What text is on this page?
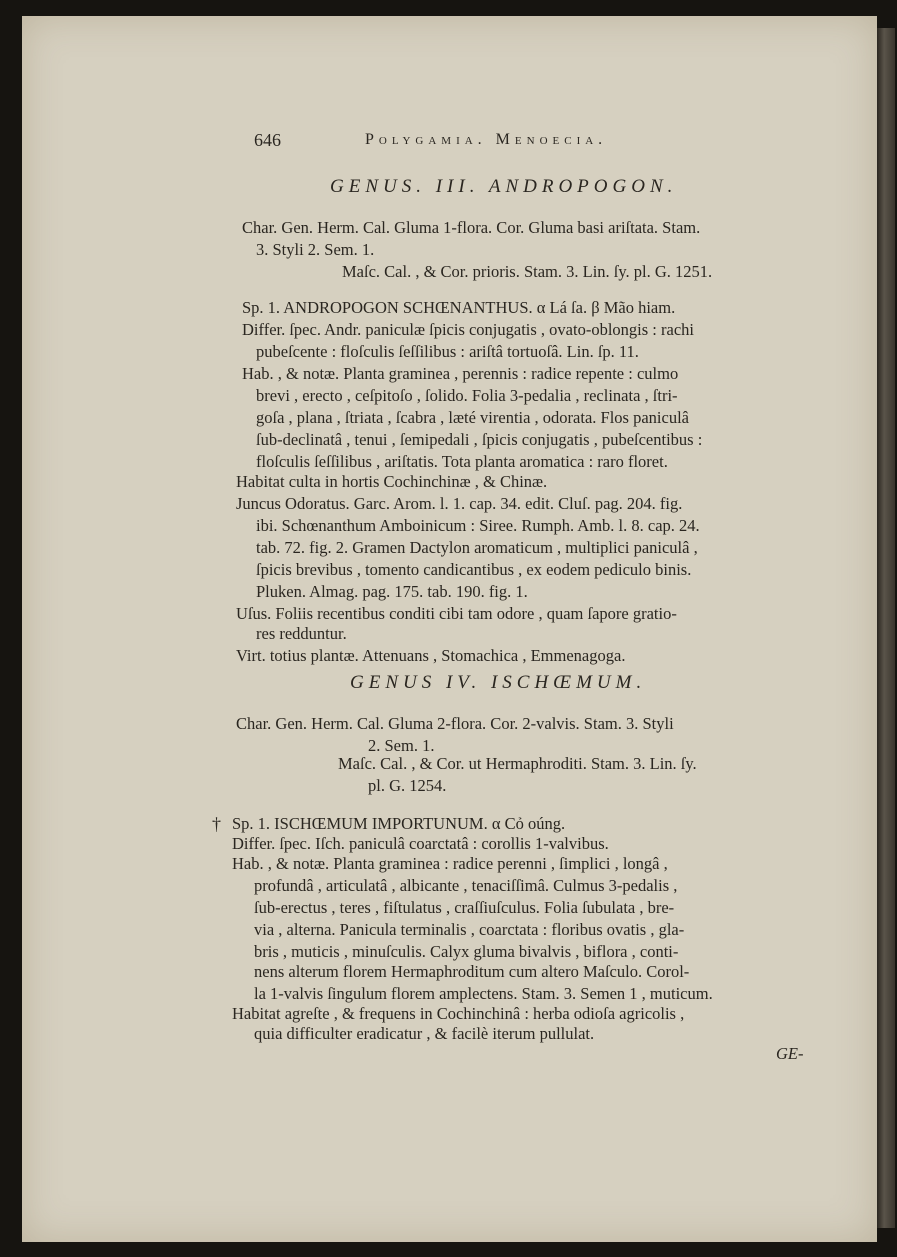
646	Polygamia. Menoecia.
GENUS. III. ANDROPOGON.
Char. Gen. Herm. Cal. Gluma 1-flora. Cor. Gluma basi ariſtata. Stam.
3. Styli 2. Sem. 1.
Maſc. Cal. , & Cor. prioris. Stam. 3. Lin. ſy. pl. G. 1251.
Sp. 1. ANDROPOGON SCHŒNANTHUS. α Lá ſa. β Mão hiam.
Differ. ſpec. Andr. paniculæ ſpicis conjugatis , ovato-oblongis : rachi
pubeſcente : floſculis ſeſſilibus : ariſtâ tortuoſâ. Lin. ſp. 11.
Hab. , & notæ. Planta graminea , perennis : radice repente : culmo
brevi , erecto , ceſpitoſo , ſolido. Folia 3-pedalia , reclinata , ſtri-
goſa , plana , ſtriata , ſcabra , læté virentia , odorata. Flos paniculâ
ſub-declinatâ , tenui , ſemipedali , ſpicis conjugatis , pubeſcentibus :
floſculis ſeſſilibus , ariſtatis. Tota planta aromatica : raro floret.
Habitat culta in hortis Cochinchinæ , & Chinæ.
Juncus Odoratus. Garc. Arom. l. 1. cap. 34. edit. Cluſ. pag. 204. fig.
ibi. Schœnanthum Amboinicum : Siree. Rumph. Amb. l. 8. cap. 24.
tab. 72. fig. 2. Gramen Dactylon aromaticum , multiplici paniculâ ,
ſpicis brevibus , tomento candicantibus , ex eodem pediculo binis.
Pluken. Almag. pag. 175. tab. 190. fig. 1.
Uſus. Foliis recentibus conditi cibi tam odore , quam ſapore gratio-
res redduntur.
Virt. totius plantæ. Attenuans , Stomachica , Emmenagoga.
GENUS IV. ISCHŒMUM.
Char. Gen. Herm. Cal. Gluma 2-flora. Cor. 2-valvis. Stam. 3. Styli
2. Sem. 1.
Maſc. Cal. , & Cor. ut Hermaphroditi. Stam. 3. Lin. ſy.
pl. G. 1254.
† Sp. 1. ISCHŒMUM IMPORTUNUM. α Cỏ oúng.
Differ. ſpec. Iſch. paniculâ coarctatâ : corollis 1-valvibus.
Hab. , & notæ. Planta graminea : radice perenni , ſimplici , longâ ,
profundâ , articulatâ , albicante , tenaciſſimâ. Culmus 3-pedalis ,
ſub-erectus , teres , fiſtulatus , craſſiuſculus. Folia ſubulata , bre-
via , alterna. Panicula terminalis , coarctata : floribus ovatis , gla-
bris , muticis , minuſculis. Calyx gluma bivalvis , biflora , conti-
nens alterum florem Hermaphroditum cum altero Maſculo. Corol-
la 1-valvis ſingulum florem amplectens. Stam. 3. Semen 1 , muticum.
Habitat agreſte , & frequens in Cochinchinâ : herba odioſa agricolis ,
quia difficulter eradicatur , & facilè iterum pullulat.
GE-
